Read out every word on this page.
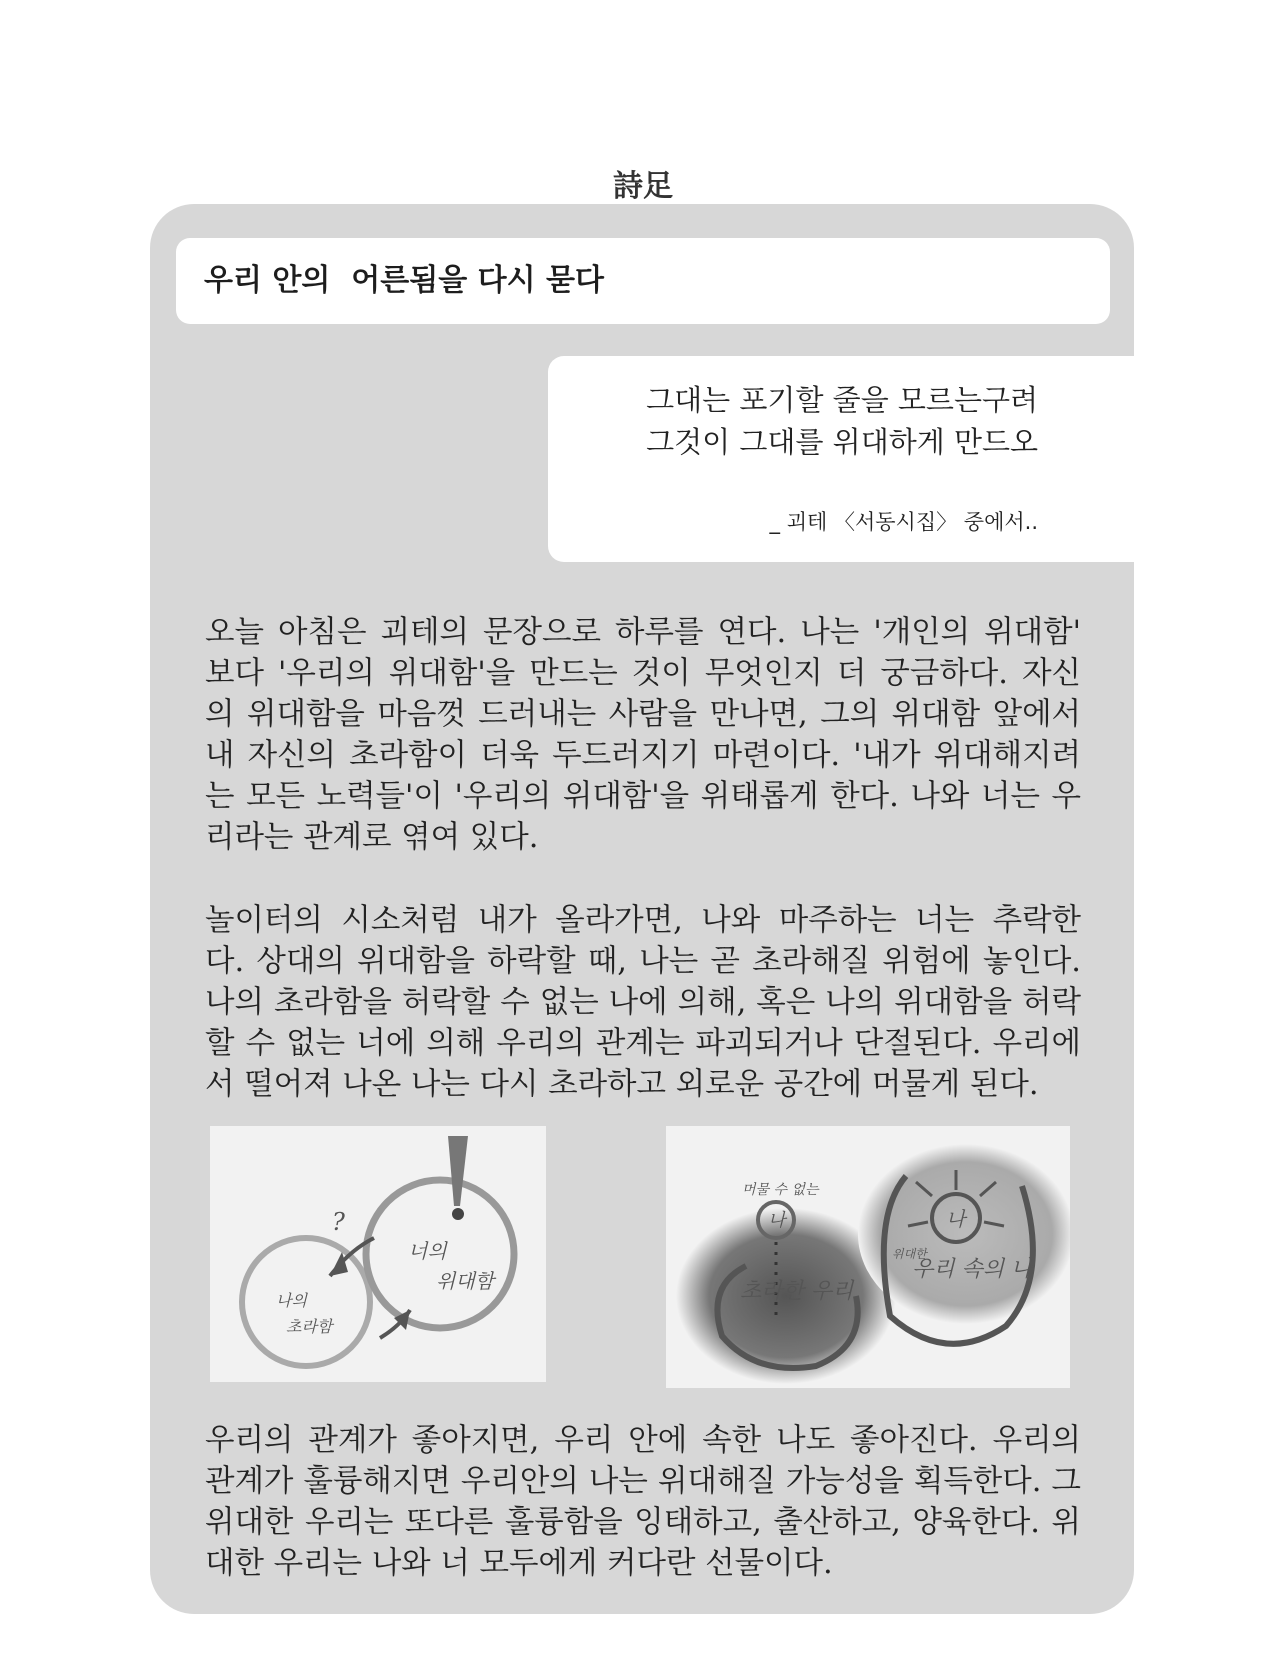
詩足
우리 안의  어른됨을 다시 묻다
그대는 포기할 줄을 모르는구려
그것이 그대를 위대하게 만드오
_ 괴테 〈서동시집〉 중에서..
오늘 아침은 괴테의 문장으로 하루를 연다. 나는 '개인의 위대함'
보다 '우리의 위대함'을 만드는 것이 무엇인지 더 궁금하다. 자신
의 위대함을 마음껏 드러내는 사람을 만나면, 그의 위대함 앞에서
내 자신의 초라함이 더욱 두드러지기 마련이다. '내가 위대해지려
는 모든 노력들'이 '우리의 위대함'을 위태롭게 한다. 나와 너는 우
리라는 관계로 엮여 있다.
놀이터의 시소처럼 내가 올라가면, 나와 마주하는 너는 추락한
다. 상대의 위대함을 하락할 때, 나는 곧 초라해질 위험에 놓인다.
나의 초라함을 허락할 수 없는 나에 의해, 혹은 나의 위대함을 허락
할 수 없는 너에 의해 우리의 관계는 파괴되거나 단절된다. 우리에
서 떨어져 나온 나는 다시 초라하고 외로운 공간에 머물게 된다.
?
너의
위대함
나의
초라함
머물 수 없는
나
초라한 우리
나
위대한
우리 속의 나
우리의 관계가 좋아지면, 우리 안에 속한 나도 좋아진다. 우리의
관계가 훌륭해지면 우리안의 나는 위대해질 가능성을 획득한다. 그
위대한 우리는 또다른 훌륭함을 잉태하고, 출산하고, 양육한다. 위
대한 우리는 나와 너 모두에게 커다란 선물이다.
